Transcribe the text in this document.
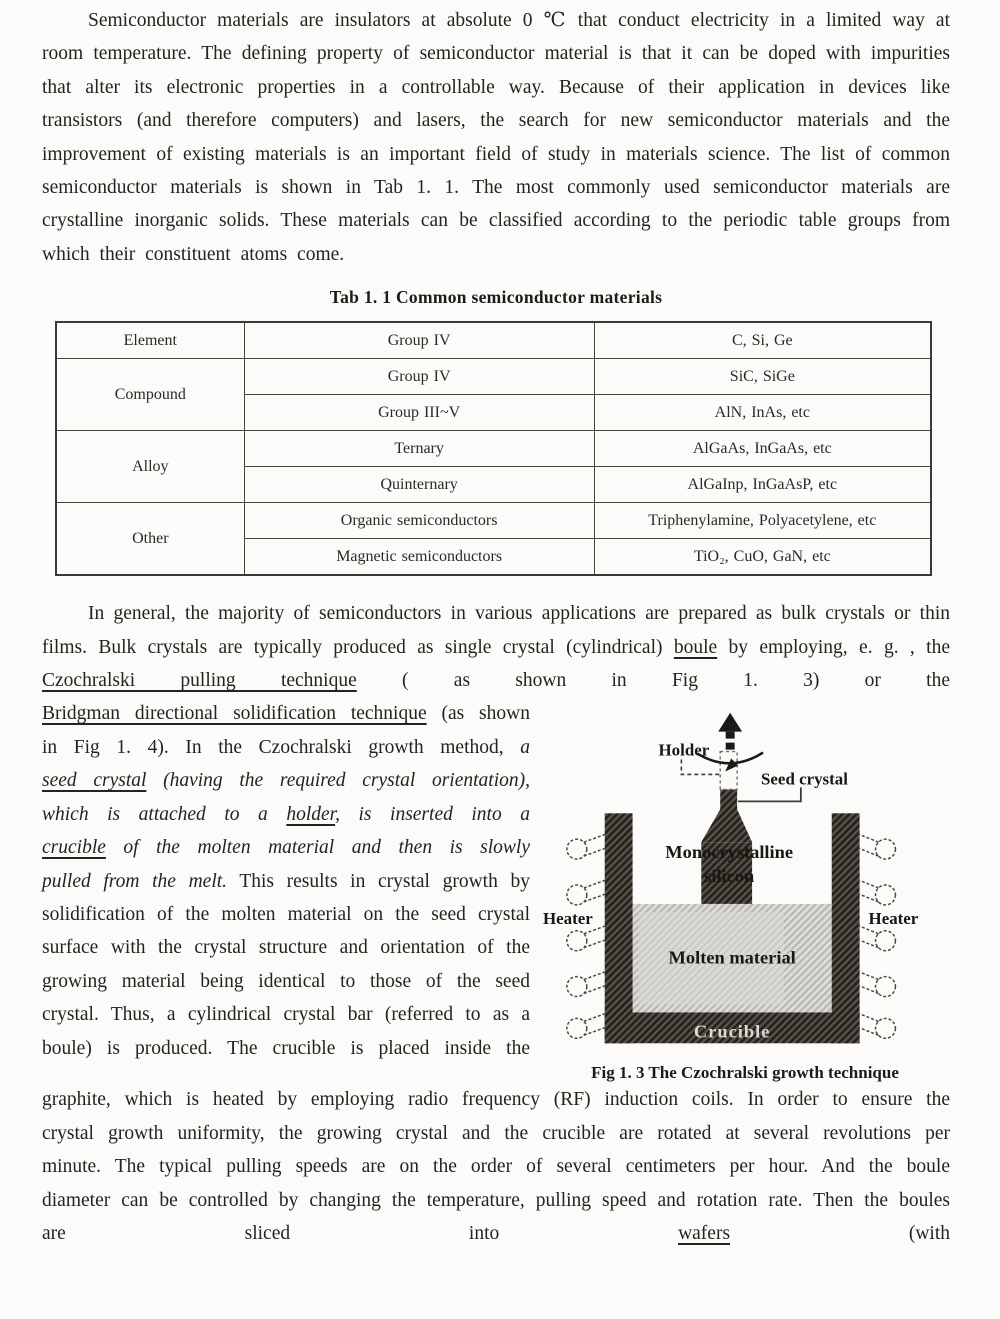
Semiconductor materials are insulators at absolute 0 ℃ that conduct electricity in a limited way at room temperature. The defining property of semiconductor material is that it can be doped with impurities that alter its electronic properties in a controllable way. Because of their application in devices like transistors (and therefore computers) and lasers, the search for new semiconductor materials and the improvement of existing materials is an important field of study in materials science. The list of common semiconductor materials is shown in Tab 1. 1. The most commonly used semiconductor materials are crystalline inorganic solids. These materials can be classified according to the periodic table groups from which their constituent atoms come.

Tab 1. 1 Common semiconductor materials
Element	Group IV	C, Si, Ge
Compound	Group IV	SiC, SiGe
	Group III~V	AlN, InAs, etc
Alloy	Ternary	AlGaAs, InGaAs, etc
	Quinternary	AlGaInp, InGaAsP, etc
Other	Organic semiconductors	Triphenylamine, Polyacetylene, etc
	Magnetic semiconductors	TiO₂, CuO, GaN, etc

In general, the majority of semiconductors in various applications are prepared as bulk crystals or thin films. Bulk crystals are typically produced as single crystal (cylindrical) boule by employing, e. g. , the Czochralski pulling technique ( as shown in Fig 1. 3) or the

Bridgman directional solidification technique (as shown in Fig 1. 4). In the Czochralski growth method, a seed crystal (having the required crystal orientation), which is attached to a holder, is inserted into a crucible of the molten material and then is slowly pulled from the melt. This results in crystal growth by solidification of the molten material on the seed crystal surface with the crystal structure and orientation of the growing material being identical to those of the seed crystal. Thus, a cylindrical crystal bar (referred to as a boule) is produced. The crucible is placed inside the

Holder
Seed crystal
Monocrystalline
silicon
Molten material
Heater	Heater
Crucible
Fig 1. 3 The Czochralski growth technique

graphite, which is heated by employing radio frequency (RF) induction coils. In order to ensure the crystal growth uniformity, the growing crystal and the crucible are rotated at several revolutions per minute. The typical pulling speeds are on the order of several centimeters per hour. And the boule diameter can be controlled by changing the temperature, pulling speed and rotation rate. Then the boules are sliced into wafers (with
